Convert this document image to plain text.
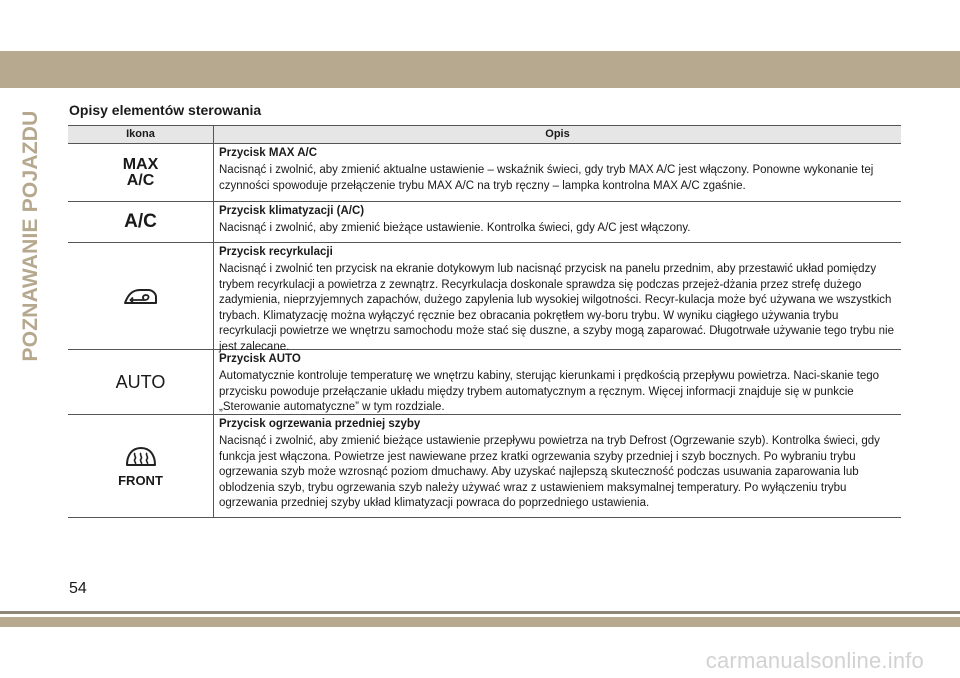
POZNAWANIE POJAZDU
Opisy elementów sterowania
Ikona	Opis
MAX
A/C

Przycisk MAX A/C

Nacisnąć i zwolnić, aby zmienić aktualne ustawienie – wskaźnik świeci, gdy tryb MAX A/C jest włączony. Ponowne wykonanie tej czynności spowoduje przełączenie trybu MAX A/C na tryb ręczny – lampka kontrolna MAX A/C zgaśnie.

A/C	Przycisk klimatyzacji (A/C)

Nacisnąć i zwolnić, aby zmienić bieżące ustawienie. Kontrolka świeci, gdy A/C jest włączony.

Przycisk recyrkulacji

Nacisnąć i zwolnić ten przycisk na ekranie dotykowym lub nacisnąć przycisk na panelu przednim, aby przestawić układ pomiędzy trybem recyrkulacji a powietrza z zewnątrz. Recyrkulacja doskonale sprawdza się podczas przejeż-dżania przez strefę dużego zadymienia, nieprzyjemnych zapachów, dużego zapylenia lub wysokiej wilgotności. Recyr-kulacja może być używana we wszystkich trybach. Klimatyzację można wyłączyć ręcznie bez obracania pokrętłem wy-boru trybu. W wyniku ciągłego używania trybu recyrkulacji powietrze we wnętrzu samochodu może stać się duszne, a szyby mogą zaparować. Długotrwałe używanie tego trybu nie jest zalecane.

AUTO

Przycisk AUTO

Automatycznie kontroluje temperaturę we wnętrzu kabiny, sterując kierunkami i prędkością przepływu powietrza. Naci-skanie tego przycisku powoduje przełączanie układu między trybem automatycznym a ręcznym. Więcej informacji znajduje się w punkcie „Sterowanie automatyczne” w tym rozdziale.

FRONT

Przycisk ogrzewania przedniej szyby

Nacisnąć i zwolnić, aby zmienić bieżące ustawienie przepływu powietrza na tryb Defrost (Ogrzewanie szyb). Kontrolka świeci, gdy funkcja jest włączona. Powietrze jest nawiewane przez kratki ogrzewania szyby przedniej i szyb bocznych. Po wybraniu trybu ogrzewania szyb może wzrosnąć poziom dmuchawy. Aby uzyskać najlepszą skuteczność podczas usuwania zaparowania lub oblodzenia szyb, trybu ogrzewania szyb należy używać wraz z ustawieniem maksymalnej temperatury. Po wyłączeniu trybu ogrzewania przedniej szyby układ klimatyzacji powraca do poprzedniego ustawienia.

54
carmanualsonline.info
